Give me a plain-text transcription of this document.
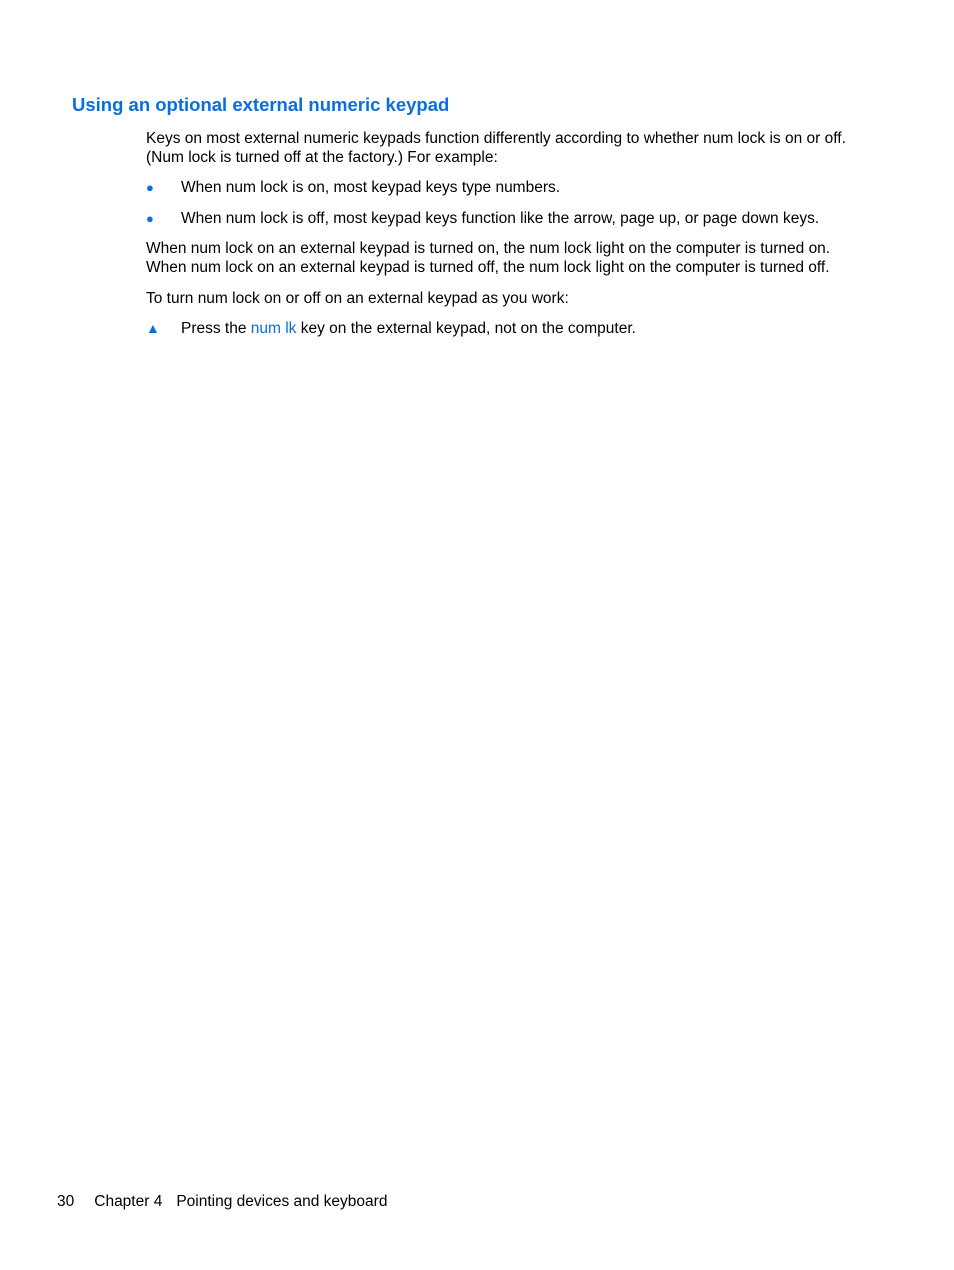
Using an optional external numeric keypad

Keys on most external numeric keypads function differently according to whether num lock is on or off. (Num lock is turned off at the factory.) For example:

●	When num lock is on, most keypad keys type numbers.
●	When num lock is off, most keypad keys function like the arrow, page up, or page down keys.

When num lock on an external keypad is turned on, the num lock light on the computer is turned on. When num lock on an external keypad is turned off, the num lock light on the computer is turned off.

To turn num lock on or off on an external keypad as you work:

▲	Press the num lk key on the external keypad, not on the computer.
30 Chapter 4 Pointing devices and keyboard
